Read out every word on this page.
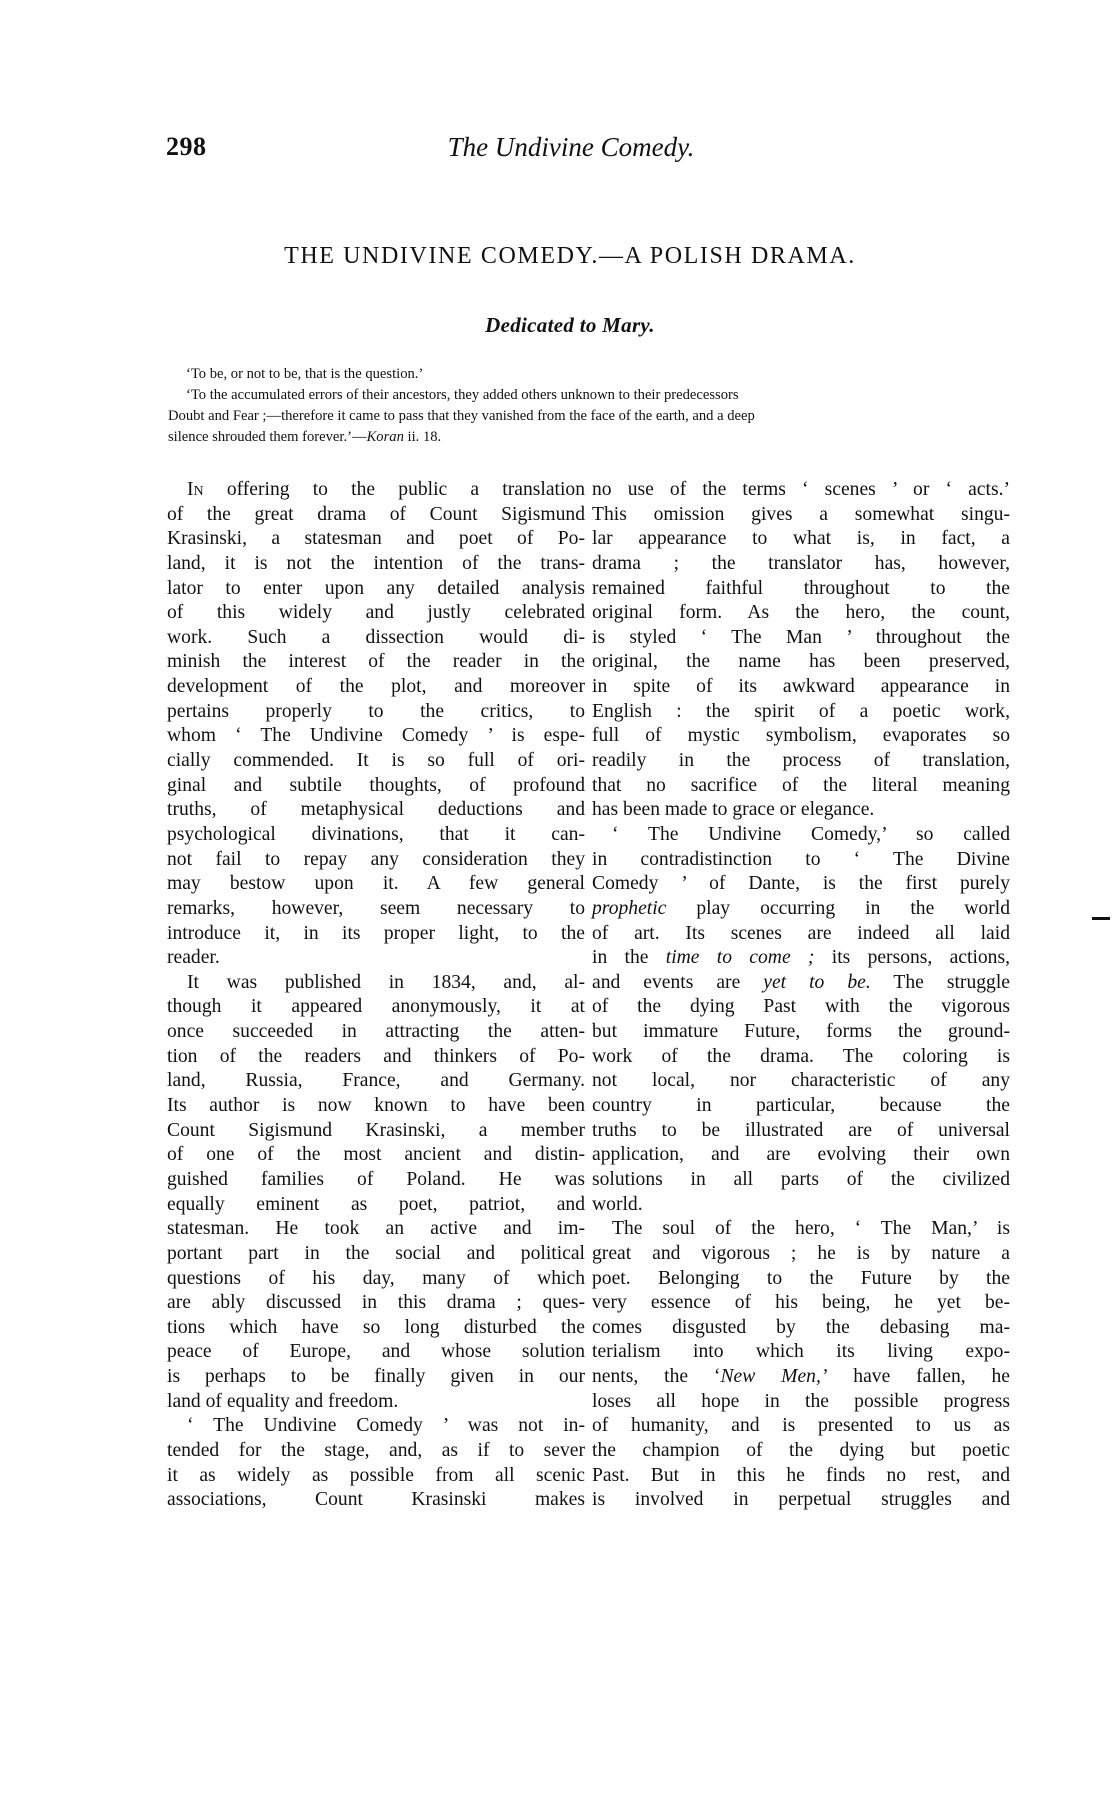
298	The Undivine Comedy.
THE UNDIVINE COMEDY.—A POLISH DRAMA.
Dedicated to Mary.
‘To be, or not to be, that is the question.’
‘To the accumulated errors of their ancestors, they added others unknown to their predecessors
Doubt and Fear ;—therefore it came to pass that they vanished from the face of the earth, and a deep
silence shrouded them forever.’—Koran ii. 18.
In offering to the public a translation
of the great drama of Count Sigismund
Krasinski, a statesman and poet of Po-
land, it is not the intention of the trans-
lator to enter upon any detailed analysis
of this widely and justly celebrated
work. Such a dissection would di-
minish the interest of the reader in the
development of the plot, and moreover
pertains properly to the critics, to
whom ‘ The Undivine Comedy ’ is espe-
cially commended. It is so full of ori-
ginal and subtile thoughts, of profound
truths, of metaphysical deductions and
psychological divinations, that it can-
not fail to repay any consideration they
may bestow upon it. A few general
remarks, however, seem necessary to
introduce it, in its proper light, to the
reader.
It was published in 1834, and, al-
though it appeared anonymously, it at
once succeeded in attracting the atten-
tion of the readers and thinkers of Po-
land, Russia, France, and Germany.
Its author is now known to have been
Count Sigismund Krasinski, a member
of one of the most ancient and distin-
guished families of Poland. He was
equally eminent as poet, patriot, and
statesman. He took an active and im-
portant part in the social and political
questions of his day, many of which
are ably discussed in this drama ; ques-
tions which have so long disturbed the
peace of Europe, and whose solution
is perhaps to be finally given in our
land of equality and freedom.
‘ The Undivine Comedy ’ was not in-
tended for the stage, and, as if to sever
it as widely as possible from all scenic
associations, Count Krasinski makes
no use of the terms ‘ scenes ’ or ‘ acts.’
This omission gives a somewhat singu-
lar appearance to what is, in fact, a
drama ; the translator has, however,
remained faithful throughout to the
original form. As the hero, the count,
is styled ‘ The Man ’ throughout the
original, the name has been preserved,
in spite of its awkward appearance in
English : the spirit of a poetic work,
full of mystic symbolism, evaporates so
readily in the process of translation,
that no sacrifice of the literal meaning
has been made to grace or elegance.
‘ The Undivine Comedy,’ so called
in contradistinction to ‘ The Divine
Comedy ’ of Dante, is the first purely
prophetic play occurring in the world
of art. Its scenes are indeed all laid
in the time to come ; its persons, actions,
and events are yet to be. The struggle
of the dying Past with the vigorous
but immature Future, forms the ground-
work of the drama. The coloring is
not local, nor characteristic of any
country in particular, because the
truths to be illustrated are of universal
application, and are evolving their own
solutions in all parts of the civilized
world.
The soul of the hero, ‘ The Man,’ is
great and vigorous ; he is by nature a
poet. Belonging to the Future by the
very essence of his being, he yet be-
comes disgusted by the debasing ma-
terialism into which its living expo-
nents, the ‘New Men,’ have fallen, he
loses all hope in the possible progress
of humanity, and is presented to us as
the champion of the dying but poetic
Past. But in this he finds no rest, and
is involved in perpetual struggles and
